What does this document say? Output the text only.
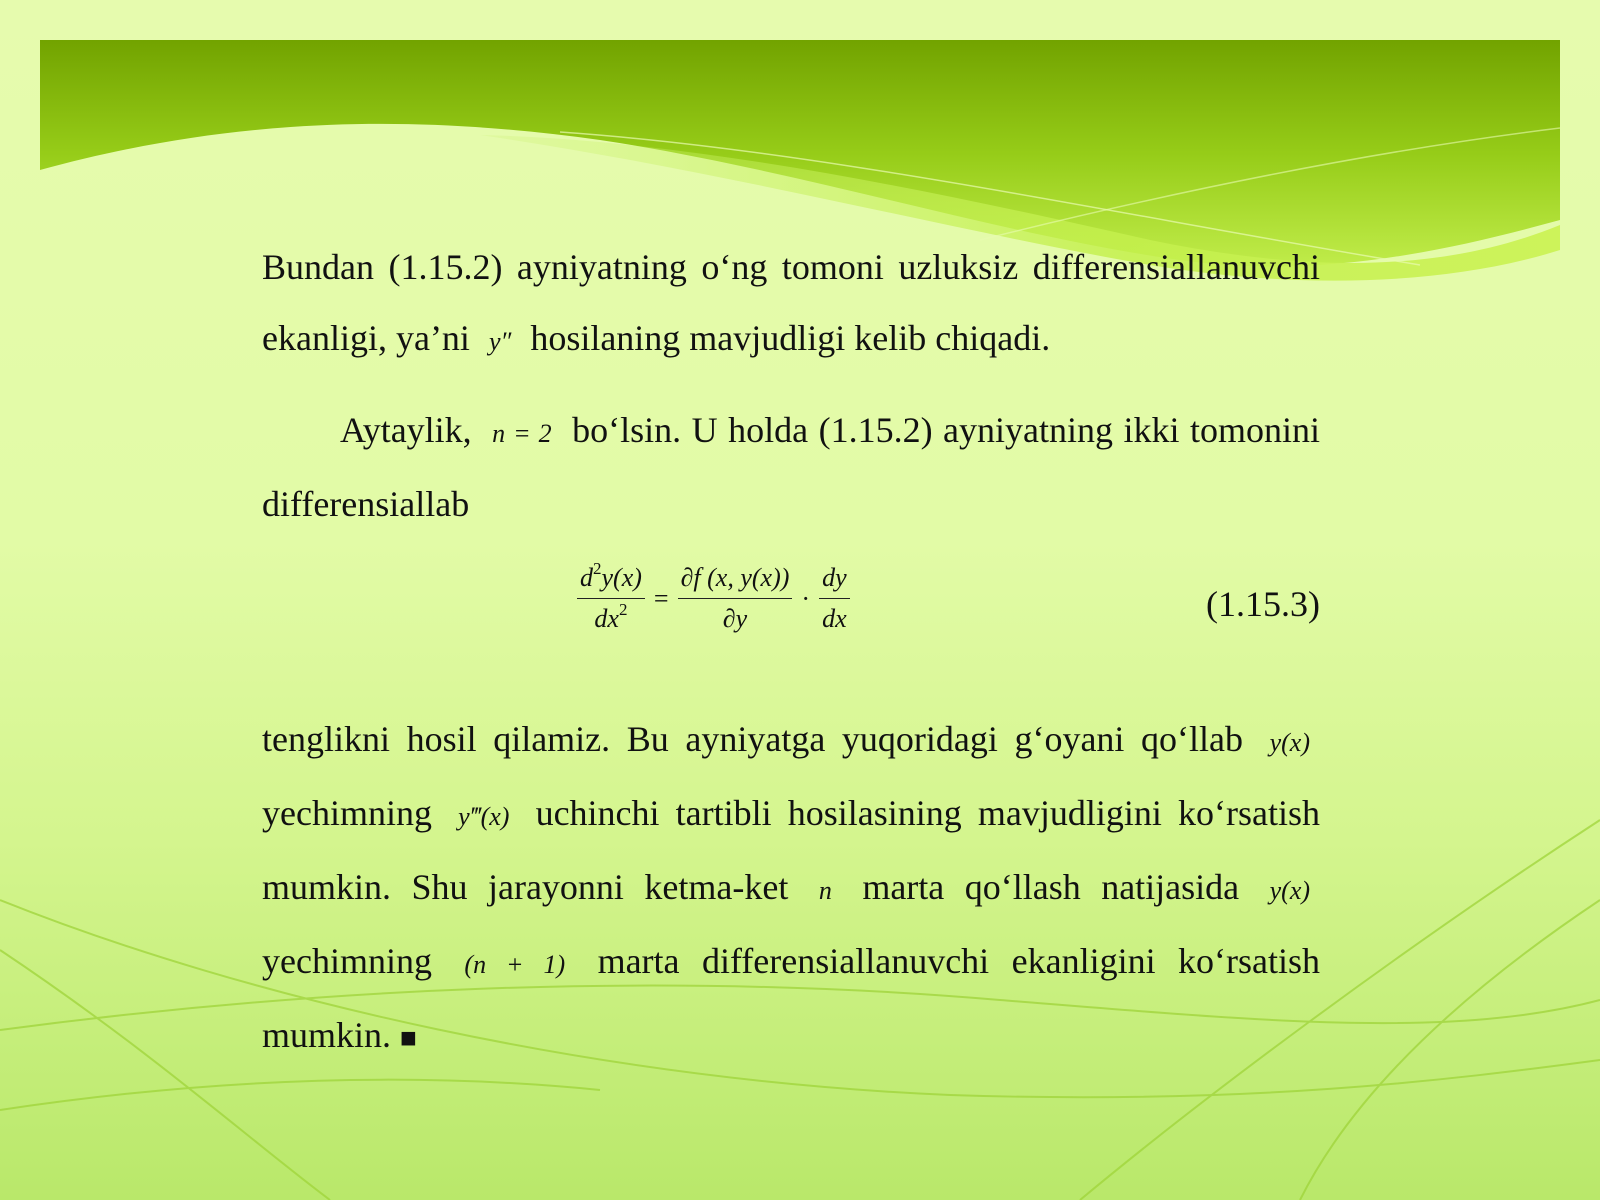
Bundan (1.15.2) ayniyatning o‘ng tomoni uzluksiz differensiallanuvchi ekanligi, ya’ni y″ hosilaning mavjudligi kelib chiqadi.

Aytaylik, n = 2 bo‘lsin. U holda (1.15.2) ayniyatning ikki tomonini differensiallab

$\frac{d^2y(x)}{dx^2} = \frac{\partial f (x, y(x))}{\partial y} \cdot \frac{dy}{dx}$	(1.15.3)

tenglikni hosil qilamiz. Bu ayniyatga yuqoridagi g‘oyani qo‘llab y(x) yechimning y‴(x) uchinchi tartibli hosilasining mavjudligini ko‘rsatish mumkin. Shu jarayonni ketma-ket n marta qo‘llash natijasida y(x) yechimning (n + 1) marta differensiallanuvchi ekanligini ko‘rsatish mumkin. ■
